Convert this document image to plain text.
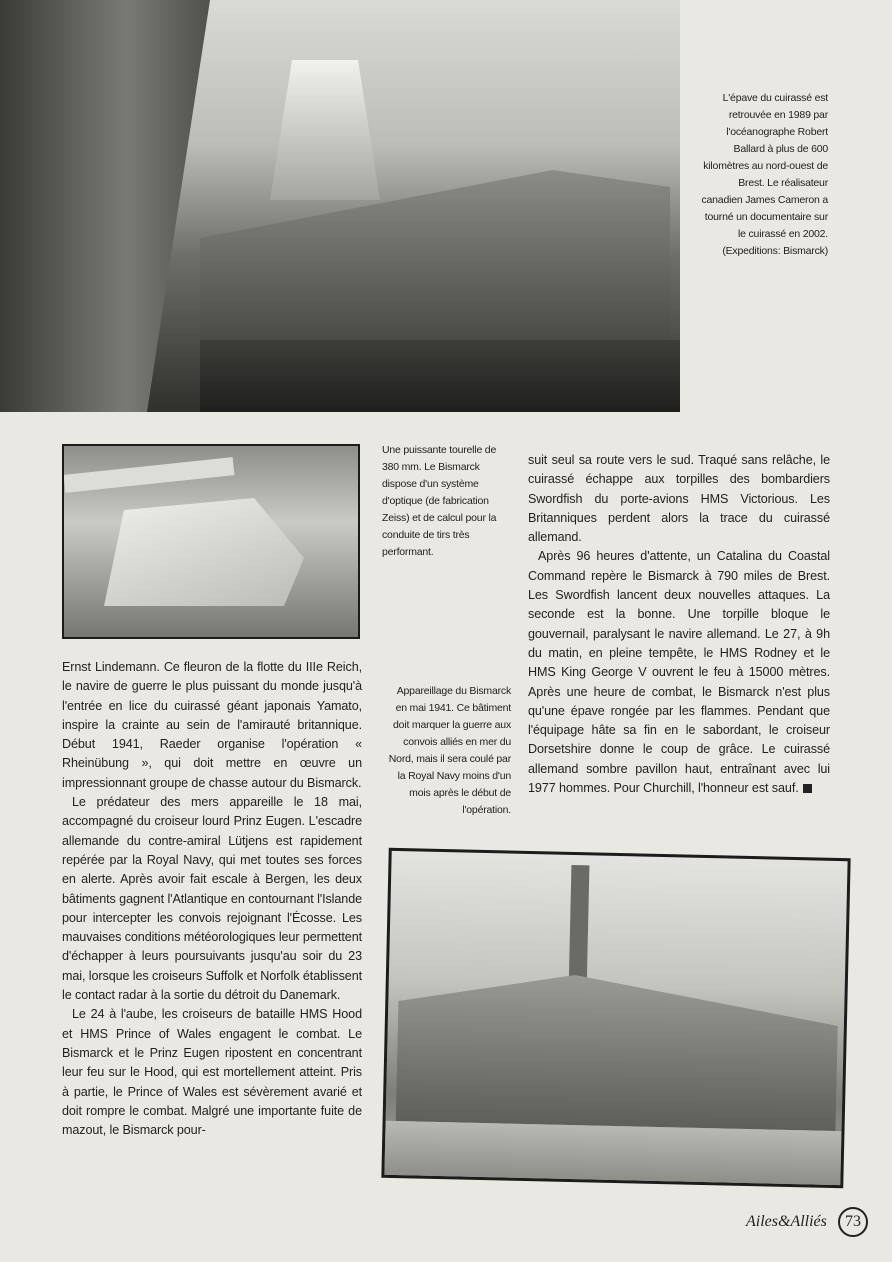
L'épave du cuirassé est retrouvée en 1989 par l'océanographe Robert Ballard à plus de 600 kilomètres au nord-ouest de Brest. Le réalisateur canadien James Cameron a tourné un documentaire sur le cuirassé en 2002. (Expeditions: Bismarck)
Une puissante tourelle de 380 mm. Le Bismarck dispose d'un système d'optique (de fabrication Zeiss) et de calcul pour la conduite de tirs très performant.

Ernst Lindemann. Ce fleuron de la flotte du IIIe Reich, le navire de guerre le plus puissant du monde jusqu'à l'entrée en lice du cuirassé géant japonais Yamato, inspire la crainte au sein de l'amirauté britannique. Début 1941, Raeder organise l'opération « Rheinübung », qui doit mettre en œuvre un impressionnant groupe de chasse autour du Bismarck.

Le prédateur des mers appareille le 18 mai, accompagné du croiseur lourd Prinz Eugen. L'escadre allemande du contre-amiral Lütjens est rapidement repérée par la Royal Navy, qui met toutes ses forces en alerte. Après avoir fait escale à Bergen, les deux bâtiments gagnent l'Atlantique en contournant l'Islande pour intercepter les convois rejoignant l'Écosse. Les mauvaises conditions météorologiques leur permettent d'échapper à leurs poursuivants jusqu'au soir du 23 mai, lorsque les croiseurs Suffolk et Norfolk établissent le contact radar à la sortie du détroit du Danemark.

Le 24 à l'aube, les croiseurs de bataille HMS Hood et HMS Prince of Wales engagent le combat. Le Bismarck et le Prinz Eugen ripostent en concentrant leur feu sur le Hood, qui est mortellement atteint. Pris à partie, le Prince of Wales est sévèrement avarié et doit rompre le combat. Malgré une importante fuite de mazout, le Bismarck pour-

Appareillage du Bismarck en mai 1941. Ce bâtiment doit marquer la guerre aux convois alliés en mer du Nord, mais il sera coulé par la Royal Navy moins d'un mois après le début de l'opération.

suit seul sa route vers le sud. Traqué sans relâche, le cuirassé échappe aux torpilles des bombardiers Swordfish du porte-avions HMS Victorious. Les Britanniques perdent alors la trace du cuirassé allemand.

Après 96 heures d'attente, un Catalina du Coastal Command repère le Bismarck à 790 miles de Brest. Les Swordfish lancent deux nouvelles attaques. La seconde est la bonne. Une torpille bloque le gouvernail, paralysant le navire allemand. Le 27, à 9h du matin, en pleine tempête, le HMS Rodney et le HMS King George V ouvrent le feu à 15000 mètres. Après une heure de combat, le Bismarck n'est plus qu'une épave rongée par les flammes. Pendant que l'équipage hâte sa fin en le sabordant, le croiseur Dorsetshire donne le coup de grâce. Le cuirassé allemand sombre pavillon haut, entraînant avec lui 1977 hommes. Pour Churchill, l'honneur est sauf.

Ailes&Alliés 73
